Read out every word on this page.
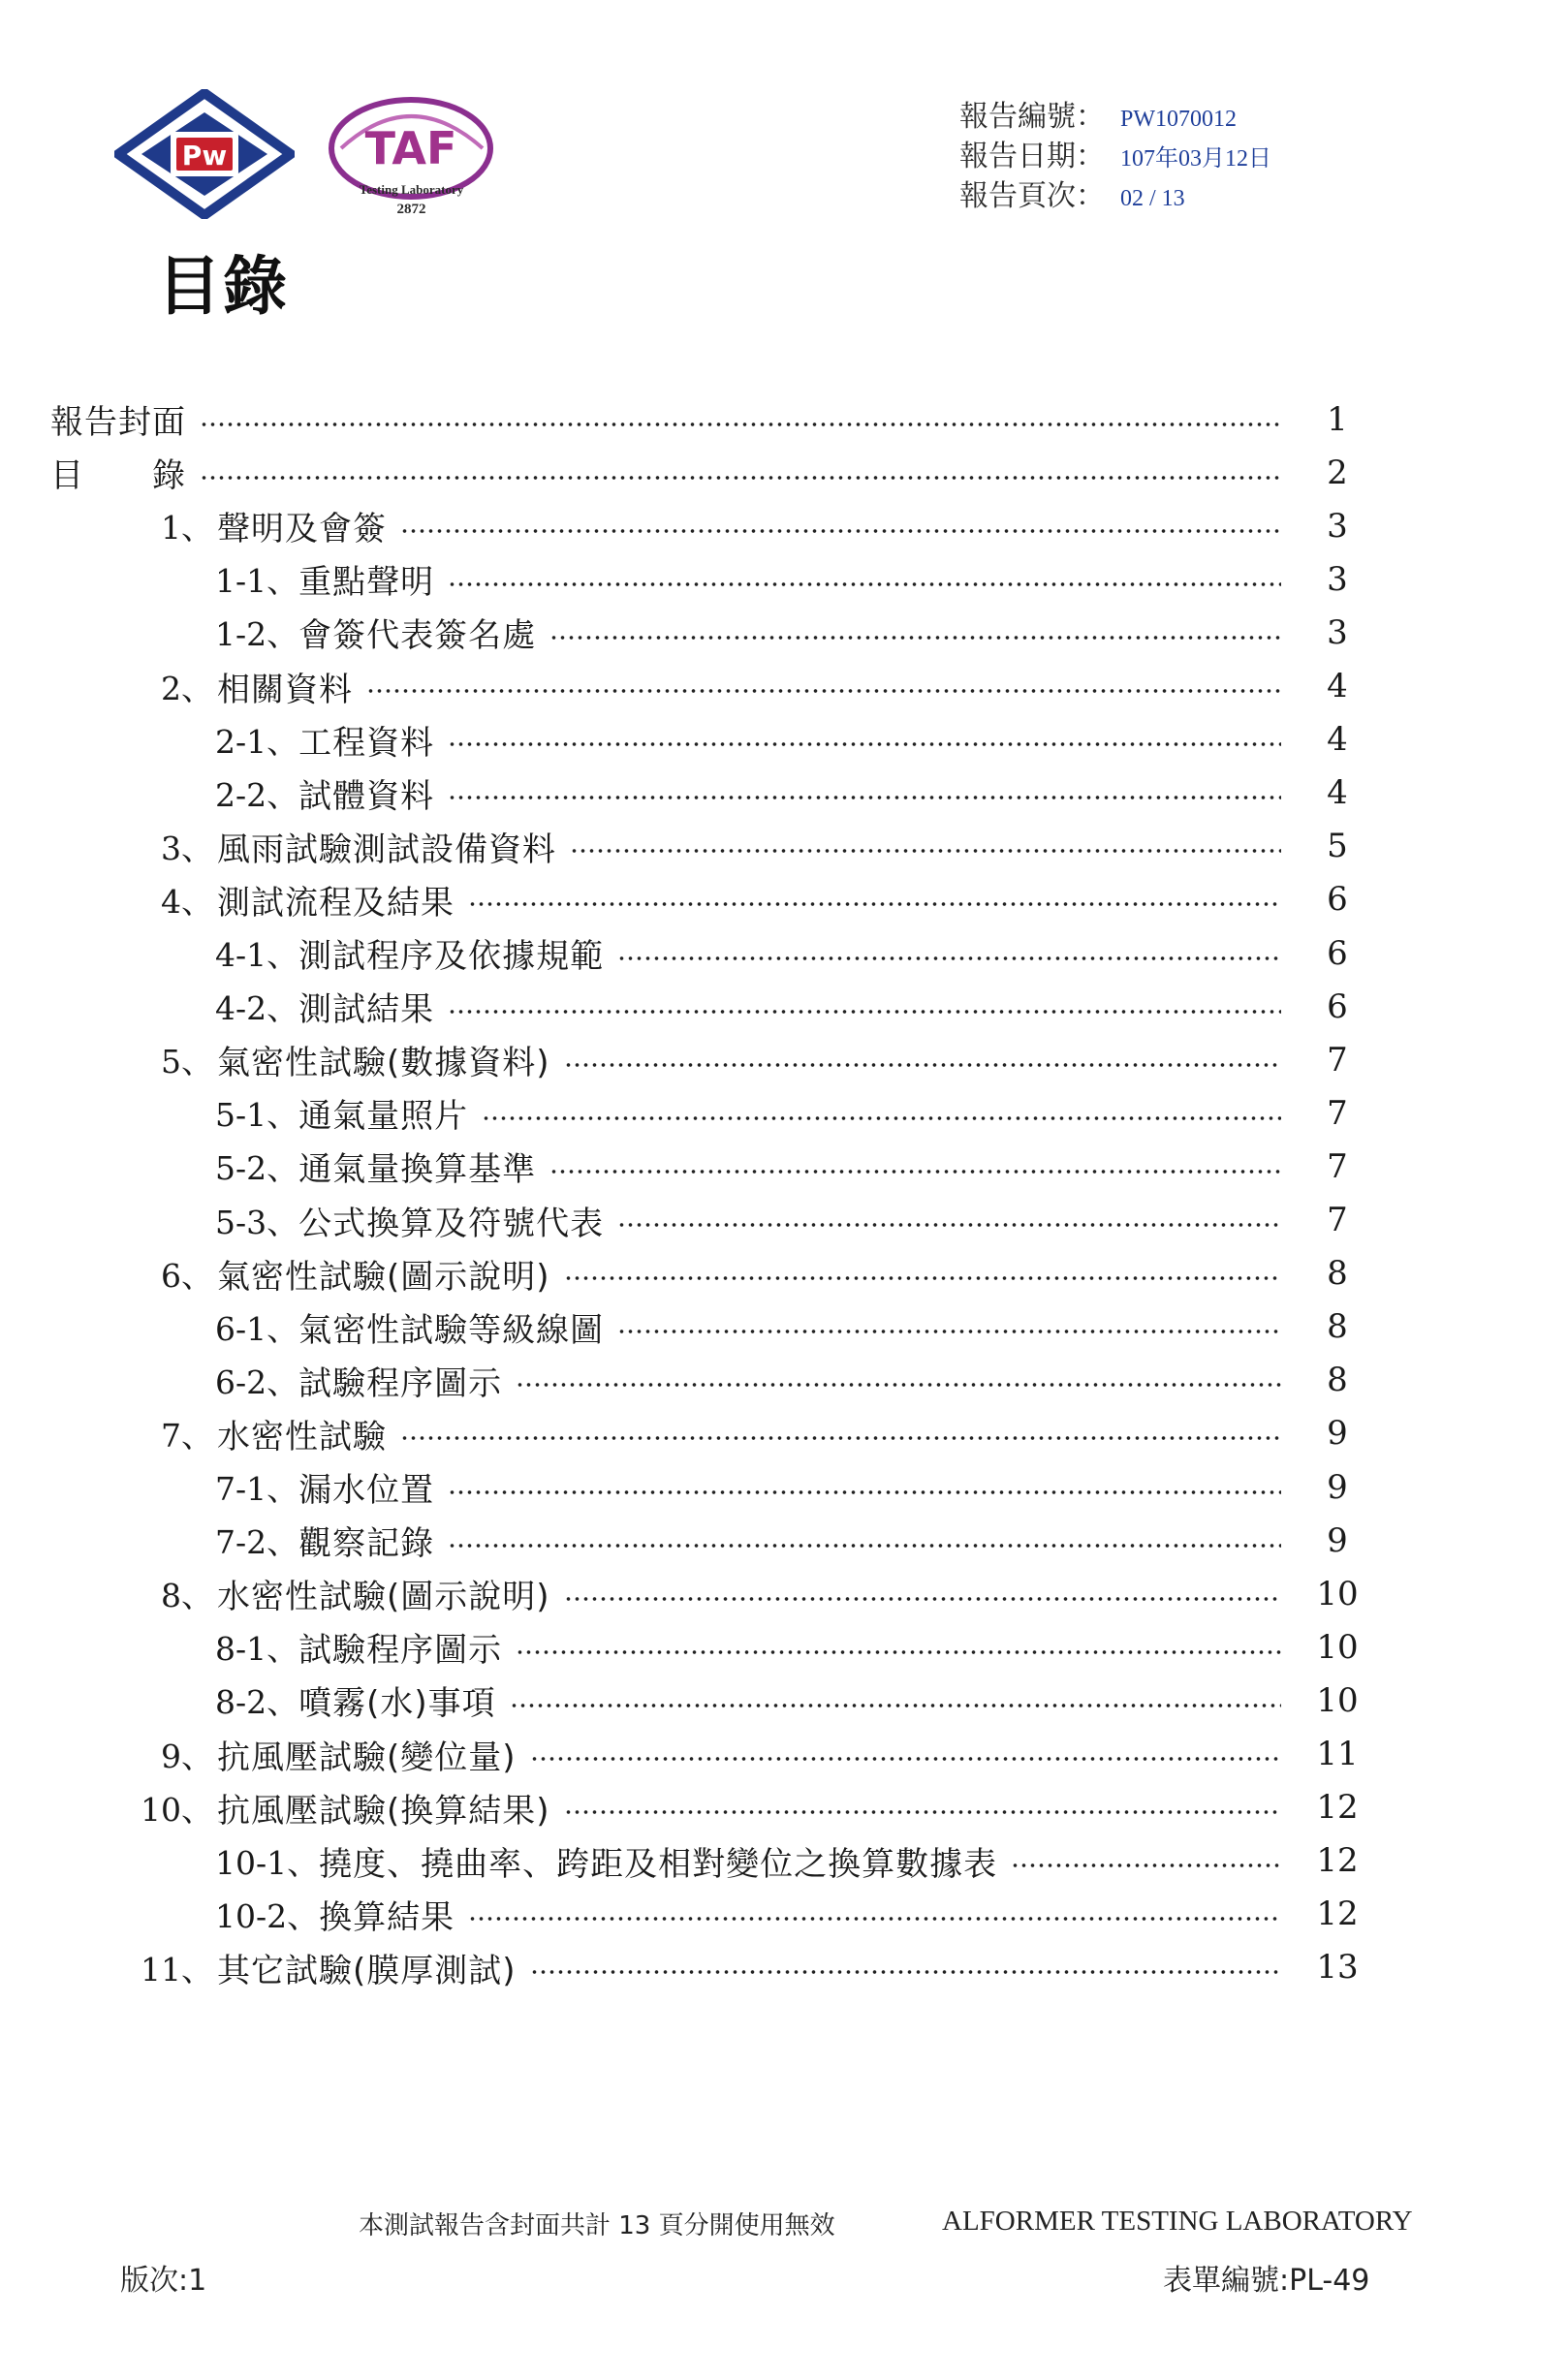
Pw	TAF
Testing Laboratory
2872
報告編號： PW1070012
報告日期： 107年03月12日
報告頁次： 02 / 13
目錄
報告封面	1
目　　錄	2
1、 聲明及會簽	3
1-1、 重點聲明	3
1-2、 會簽代表簽名處	3
2、 相關資料	4
2-1、 工程資料	4
2-2、 試體資料	4
3、 風雨試驗測試設備資料	5
4、 測試流程及結果	6
4-1、 測試程序及依據規範	6
4-2、 測試結果	6
5、 氣密性試驗(數據資料)	7
5-1、 通氣量照片	7
5-2、 通氣量換算基準	7
5-3、 公式換算及符號代表	7
6、 氣密性試驗(圖示說明)	8
6-1、 氣密性試驗等級線圖	8
6-2、 試驗程序圖示	8
7、 水密性試驗	9
7-1、 漏水位置	9
7-2、 觀察記錄	9
8、 水密性試驗(圖示說明)	10
8-1、 試驗程序圖示	10
8-2、 噴霧(水)事項	10
9、 抗風壓試驗(變位量)	11
10、 抗風壓試驗(換算結果)	12
10-1、 撓度、撓曲率、跨距及相對變位之換算數據表	12
10-2、 換算結果	12
11、 其它試驗(膜厚測試)	13
本測試報告含封面共計 13 頁分開使用無效	ALFORMER TESTING LABORATORY
版次:1	表單編號:PL-49
